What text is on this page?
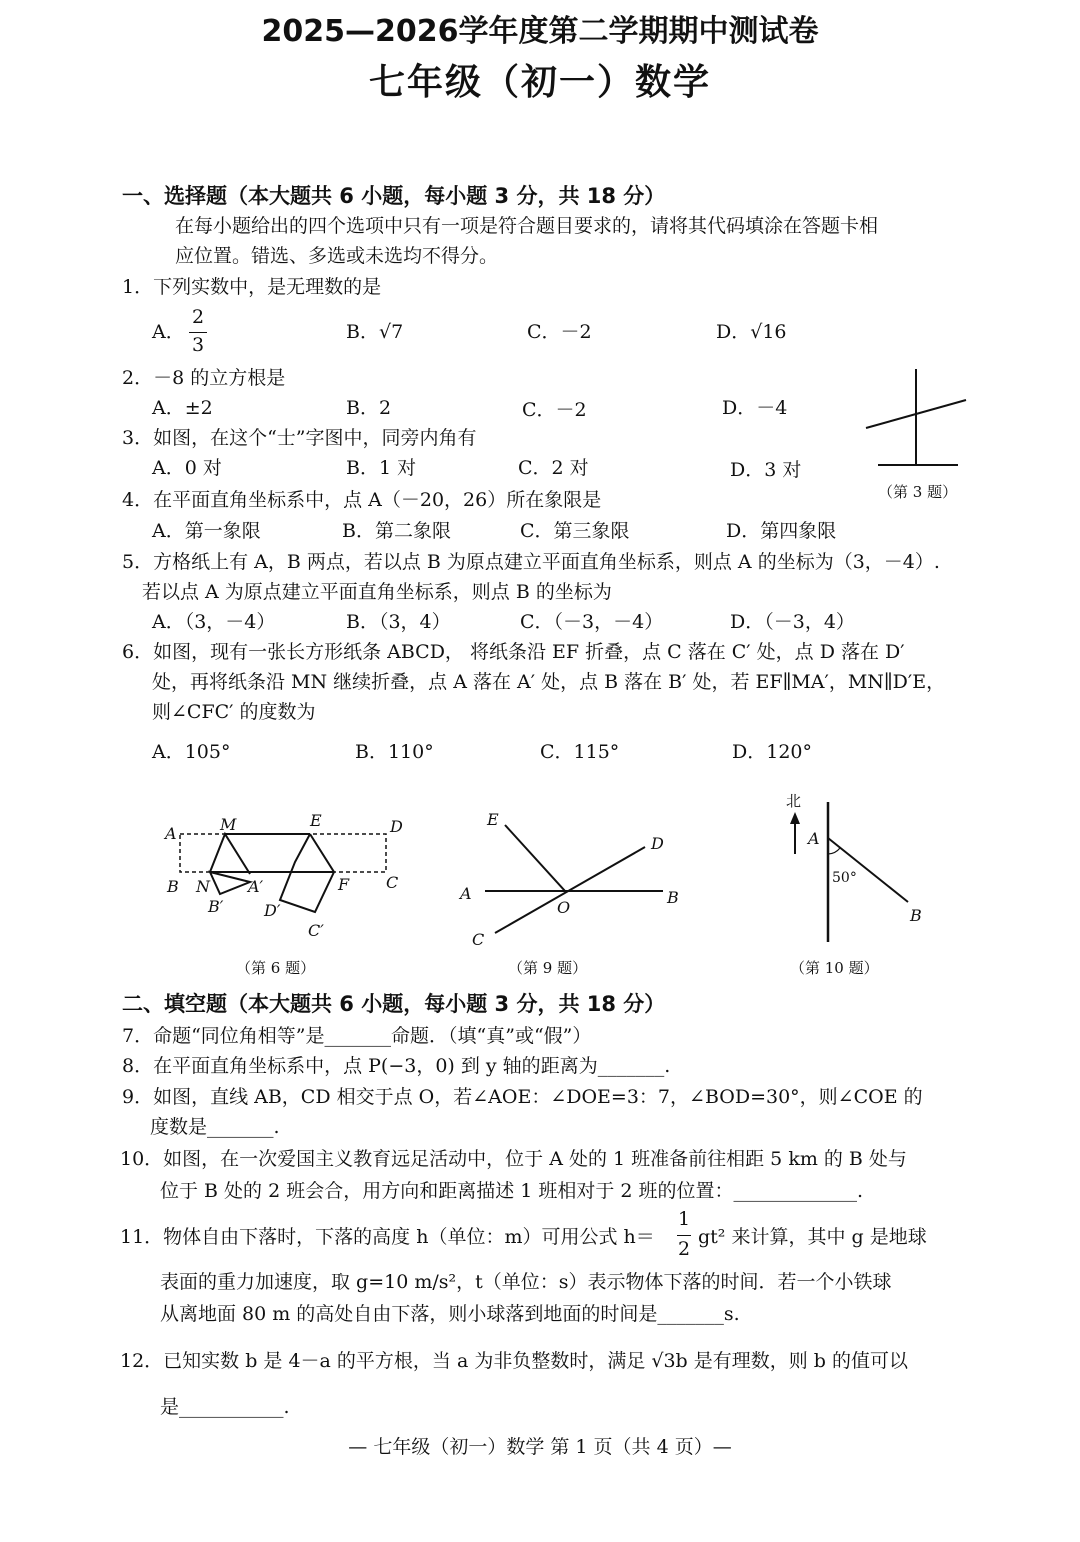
2025—2026学年度第二学期期中测试卷
七年级（初一）数学
一、选择题（本大题共 6 小题，每小题 3 分，共 18 分）
在每小题给出的四个选项中只有一项是符合题目要求的，请将其代码填涂在答题卡相
应位置。错选、多选或未选均不得分。
1．下列实数中，是无理数的是
A．
2
3
B．√7	C．－2	D．√16
2．－8 的立方根是
A．±2	B．2	C．－2	D．－4
3．如图，在这个“士”字图中，同旁内角有
A．0 对	B．1 对	C．2 对	D．3 对
（第 3 题）
4．在平面直角坐标系中，点 A（－20，26）所在象限是
A．第一象限	B．第二象限	C．第三象限	D．第四象限
5．方格纸上有 A，B 两点，若以点 B 为原点建立平面直角坐标系，则点 A 的坐标为（3，－4）.
若以点 A 为原点建立平面直角坐标系，则点 B 的坐标为
A．（3，－4）	B．（3，4）	C．（－3，－4）	D．（－3，4）
6．如图，现有一张长方形纸条 ABCD， 将纸条沿 EF 折叠，点 C 落在 C′ 处，点 D 落在 D′
处，再将纸条沿 MN 继续折叠，点 A 落在 A′ 处，点 B 落在 B′ 处，若 EF∥MA′，MN∥D′E，
则∠CFC′ 的度数为
A．105°	B．110°	C．115°	D．120°
A	M	E	D
B N A′	F C
B′	D′
C′
（第 6 题）
E
D
A
O
B
C
（第 9 题）
北
A
50°
B
（第 10 题）
二、填空题（本大题共 6 小题，每小题 3 分，共 18 分）
7．命题“同位角相等”是_______命题．（填“真”或“假”）
8．在平面直角坐标系中，点 P(−3，0) 到 y 轴的距离为_______.
9．如图，直线 AB，CD 相交于点 O，若∠AOE：∠DOE=3：7，∠BOD=30°，则∠COE 的
度数是_______.
10．如图，在一次爱国主义教育远足活动中，位于 A 处的 1 班准备前往相距 5 km 的 B 处与
位于 B 处的 2 班会合，用方向和距离描述 1 班相对于 2 班的位置：_____________.
11．物体自由下落时，下落的高度 h（单位：m）可用公式 h＝
1
2
gt² 来计算，其中 g 是地球
表面的重力加速度，取 g=10 m/s²，t（单位：s）表示物体下落的时间．若一个小铁球
从离地面 80 m 的高处自由下落，则小球落到地面的时间是_______s.
12．已知实数 b 是 4－a 的平方根，当 a 为非负整数时，满足 √3b 是有理数，则 b 的值可以
是___________.
— 七年级（初一）数学 第 1 页（共 4 页）—
